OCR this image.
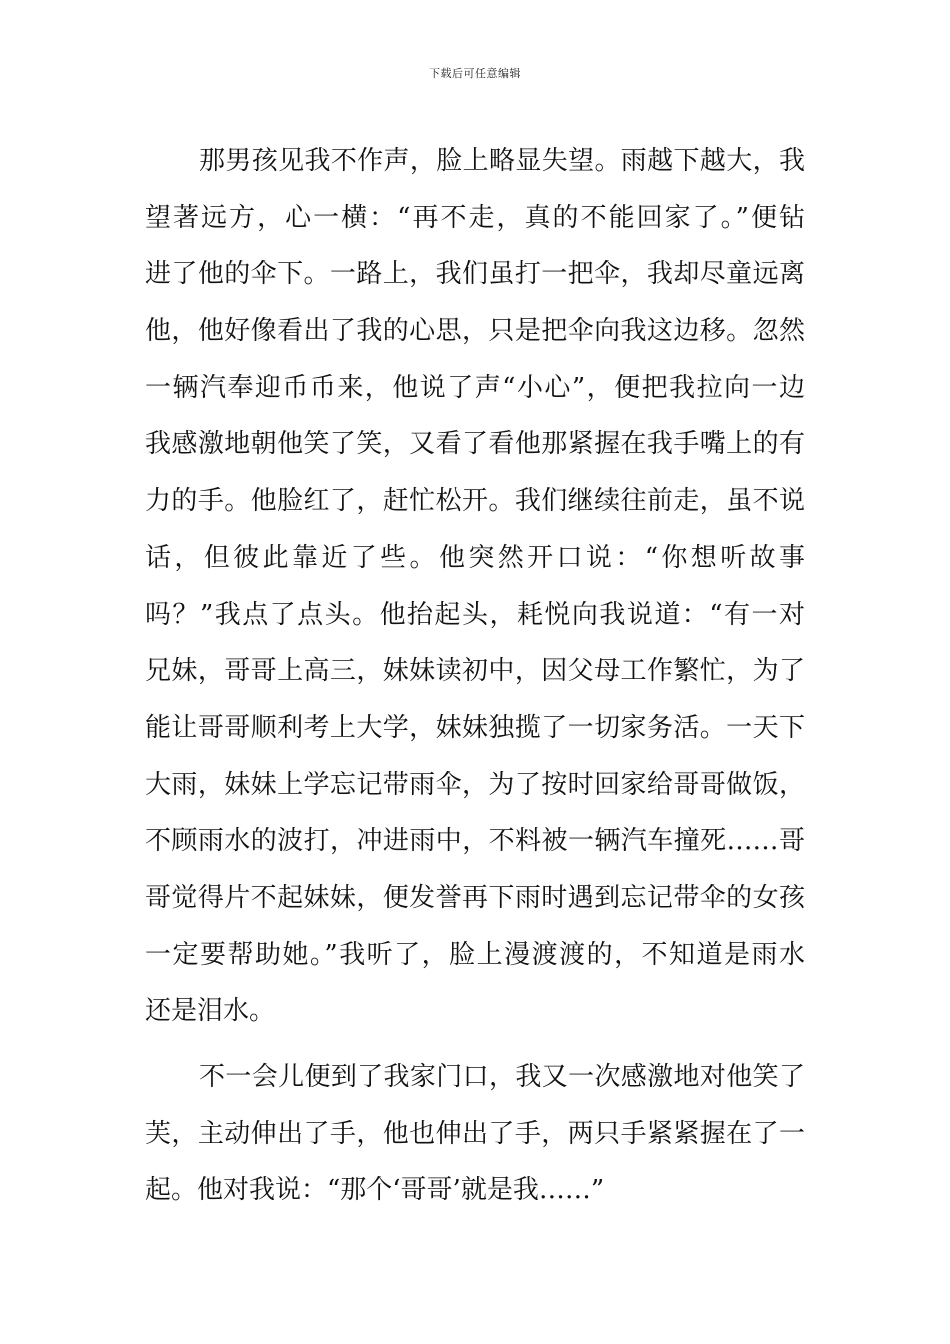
下载后可任意编辑
那男孩见我不作声，脸上略显失望。雨越下越大，我
望著远方，心一横：“再不走，真的不能回家了。”便钻
进了他的伞下。一路上，我们虽打一把伞，我却尽童远离
他，他好像看出了我的心思，只是把伞向我这边移。忽然
一辆汽奉迎币币来，他说了声“小心”，便把我拉向一边
我感激地朝他笑了笑，又看了看他那紧握在我手嘴上的有
力的手。他脸红了，赶忙松开。我们继续往前走，虽不说
话，但彼此靠近了些。他突然开口说：“你想听故事
吗？”我点了点头。他抬起头，耗悦向我说道：“有一对
兄妹，哥哥上高三，妹妹读初中，因父母工作繁忙，为了
能让哥哥顺利考上大学，妹妹独揽了一切家务活。一天下
大雨，妹妹上学忘记带雨伞，为了按时回家给哥哥做饭，
不顾雨水的波打，冲进雨中，不料被一辆汽车撞死……哥
哥觉得片不起妹妹，便发誉再下雨时遇到忘记带伞的女孩
一定要帮助她。”我听了，脸上漫渡渡的，不知道是雨水
还是泪水。
不一会儿便到了我家门口，我又一次感激地对他笑了
芙，主动伸出了手，他也伸出了手，两只手紧紧握在了一
起。他对我说：“那个‘哥哥’就是我……”
